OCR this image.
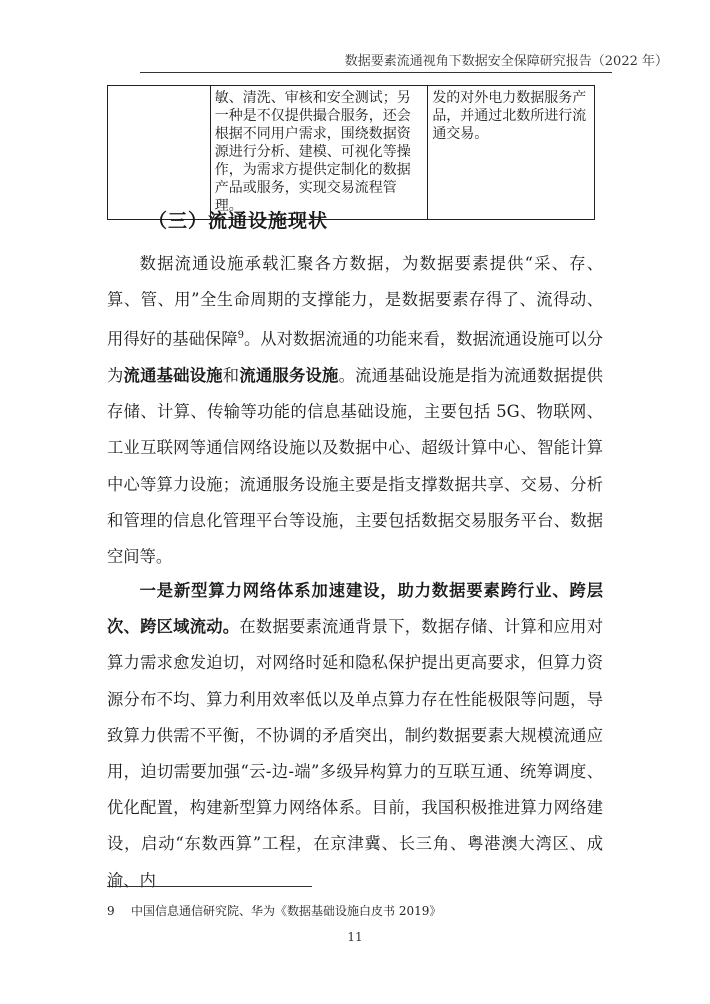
数据要素流通视角下数据安全保障研究报告（2022 年）
	敏、清洗、审核和安全测试；另一种是不仅提供撮合服务，还会根据不同用户需求，围绕数据资源进行分析、建模、可视化等操作，为需求方提供定制化的数据产品或服务，实现交易流程管理。	发的对外电力数据服务产品，并通过北数所进行流通交易。
（三）流通设施现状

数据流通设施承载汇聚各方数据，为数据要素提供“采、存、算、管、用”全生命周期的支撑能力，是数据要素存得了、流得动、用得好的基础保障$^9$。从对数据流通的功能来看，数据流通设施可以分为流通基础设施和流通服务设施。流通基础设施是指为流通数据提供存储、计算、传输等功能的信息基础设施，主要包括 5G、物联网、工业互联网等通信网络设施以及数据中心、超级计算中心、智能计算中心等算力设施；流通服务设施主要是指支撑数据共享、交易、分析和管理的信息化管理平台等设施，主要包括数据交易服务平台、数据空间等。

一是新型算力网络体系加速建设，助力数据要素跨行业、跨层次、跨区域流动。在数据要素流通背景下，数据存储、计算和应用对算力需求愈发迫切，对网络时延和隐私保护提出更高要求，但算力资源分布不均、算力利用效率低以及单点算力存在性能极限等问题，导致算力供需不平衡，不协调的矛盾突出，制约数据要素大规模流通应用，迫切需要加强“云-边-端”多级异构算力的互联互通、统筹调度、优化配置，构建新型算力网络体系。目前，我国积极推进算力网络建设，启动“东数西算”工程，在京津冀、长三角、粤港澳大湾区、成渝、内

9 中国信息通信研究院、华为《数据基础设施白皮书 2019》
11
